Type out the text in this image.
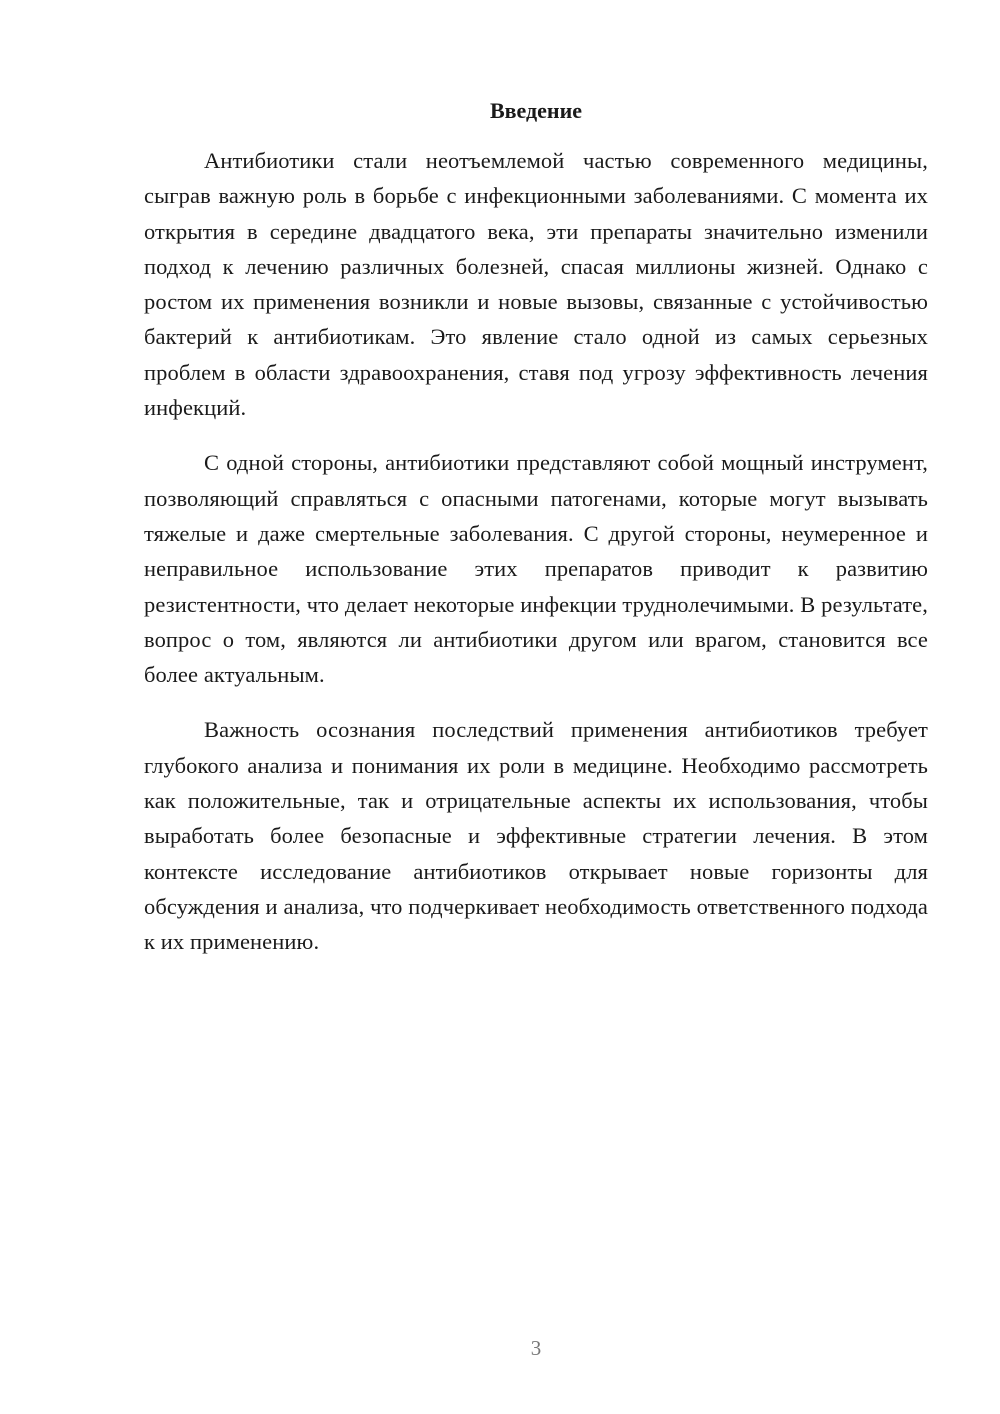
Введение

Антибиотики стали неотъемлемой частью современного медицины, сыграв важную роль в борьбе с инфекционными заболеваниями. С момента их открытия в середине двадцатого века, эти препараты значительно изменили подход к лечению различных болезней, спасая миллионы жизней. Однако с ростом их применения возникли и новые вызовы, связанные с устойчивостью бактерий к антибиотикам. Это явление стало одной из самых серьезных проблем в области здравоохранения, ставя под угрозу эффективность лечения инфекций.

С одной стороны, антибиотики представляют собой мощный инструмент, позволяющий справляться с опасными патогенами, которые могут вызывать тяжелые и даже смертельные заболевания. С другой стороны, неумеренное и неправильное использование этих препаратов приводит к развитию резистентности, что делает некоторые инфекции труднолечимыми. В результате, вопрос о том, являются ли антибиотики другом или врагом, становится все более актуальным.

Важность осознания последствий применения антибиотиков требует глубокого анализа и понимания их роли в медицине. Необходимо рассмотреть как положительные, так и отрицательные аспекты их использования, чтобы выработать более безопасные и эффективные стратегии лечения. В этом контексте исследование антибиотиков открывает новые горизонты для обсуждения и анализа, что подчеркивает необходимость ответственного подхода к их применению.

3
